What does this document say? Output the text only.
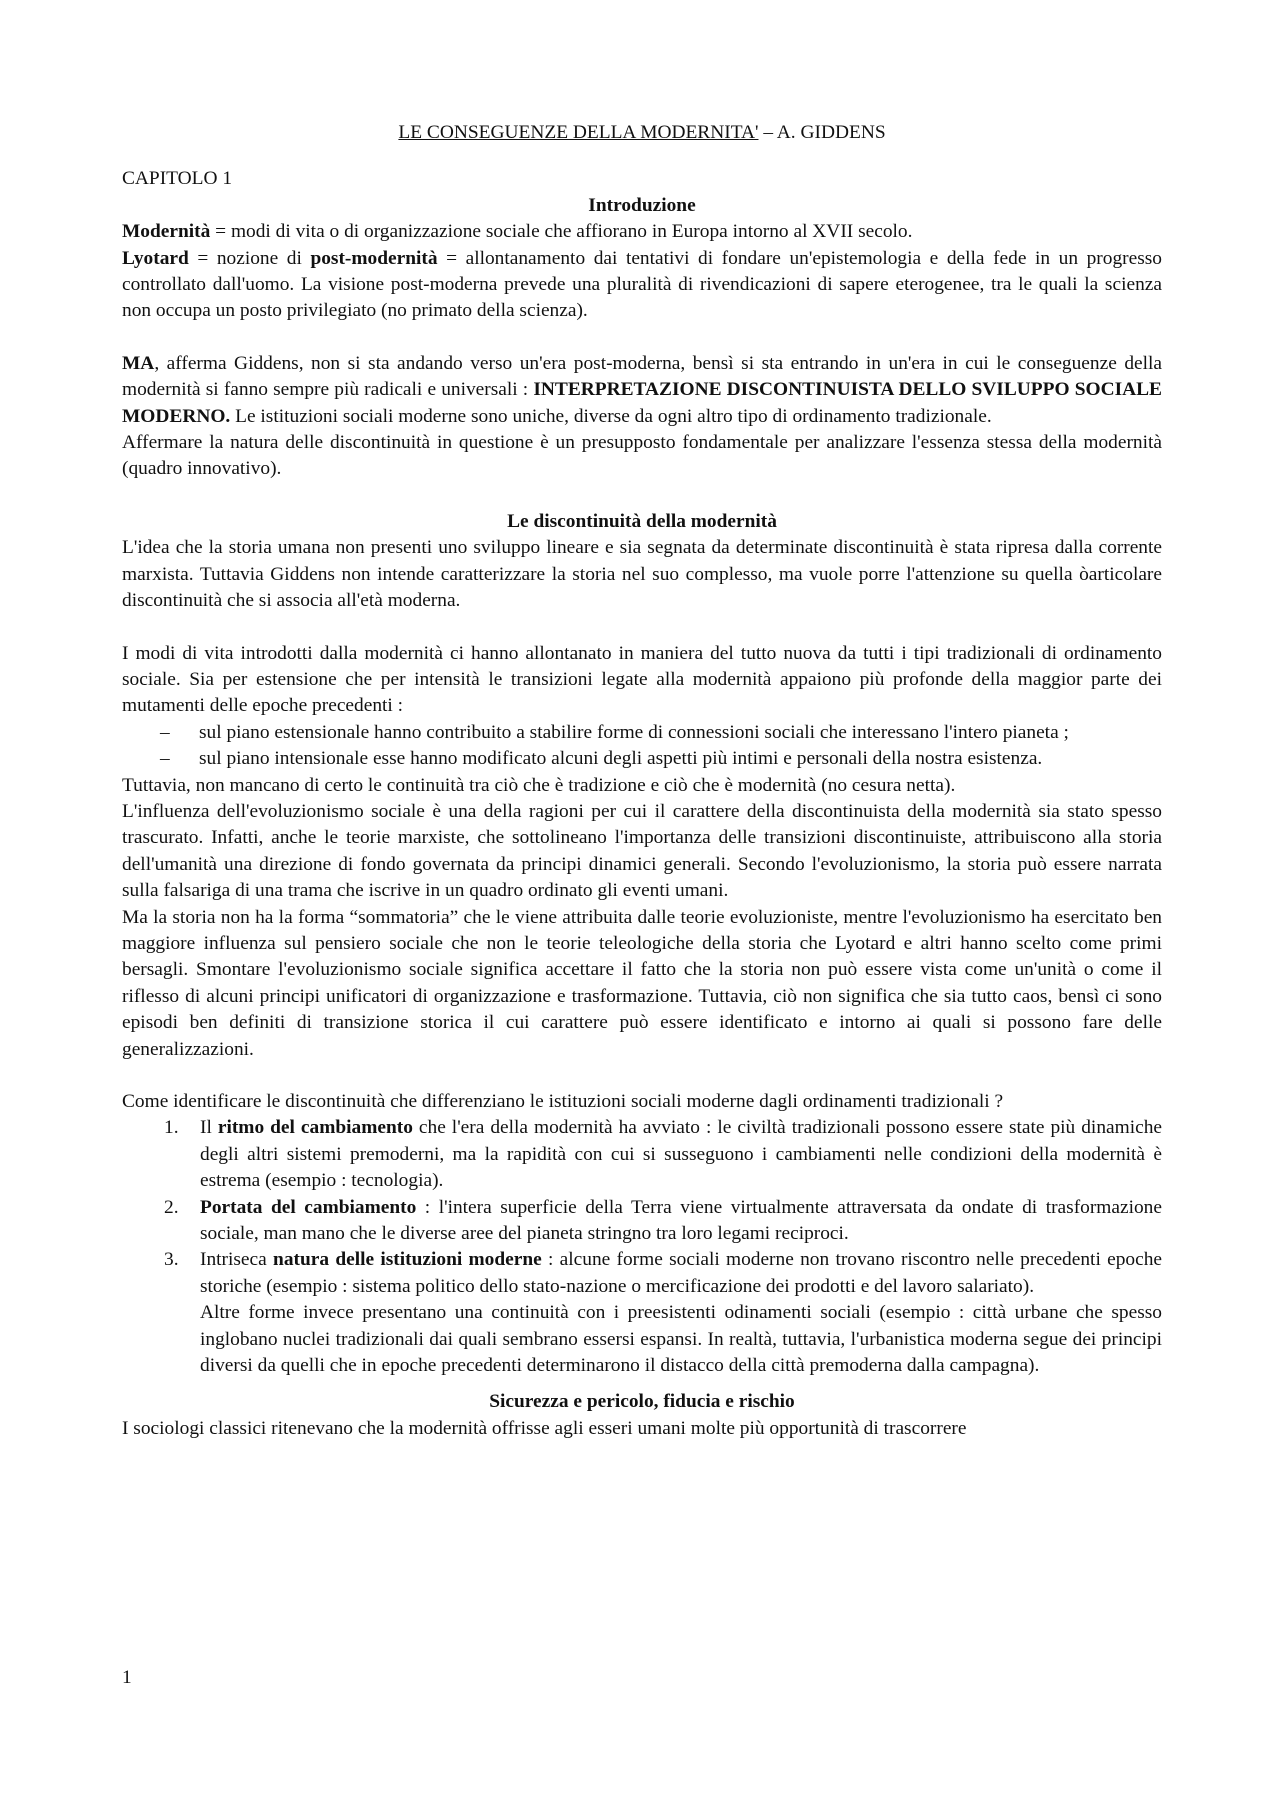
LE CONSEGUENZE DELLA MODERNITA' – A. GIDDENS
CAPITOLO 1
Introduzione

Modernità = modi di vita o di organizzazione sociale che affiorano in Europa intorno al XVII secolo.

Lyotard = nozione di post-modernità = allontanamento dai tentativi di fondare un'epistemologia e della fede in un progresso controllato dall'uomo. La visione post-moderna prevede una pluralità di rivendicazioni di sapere eterogenee, tra le quali la scienza non occupa un posto privilegiato (no primato della scienza).

MA, afferma Giddens, non si sta andando verso un'era post-moderna, bensì si sta entrando in un'era in cui le conseguenze della modernità si fanno sempre più radicali e universali : INTERPRETAZIONE DISCONTINUISTA DELLO SVILUPPO SOCIALE MODERNO. Le istituzioni sociali moderne sono uniche, diverse da ogni altro tipo di ordinamento tradizionale.

Affermare la natura delle discontinuità in questione è un presupposto fondamentale per analizzare l'essenza stessa della modernità (quadro innovativo).

Le discontinuità della modernità

L'idea che la storia umana non presenti uno sviluppo lineare e sia segnata da determinate discontinuità è stata ripresa dalla corrente marxista. Tuttavia Giddens non intende caratterizzare la storia nel suo complesso, ma vuole porre l'attenzione su quella òarticolare discontinuità che si associa all'età moderna.

I modi di vita introdotti dalla modernità ci hanno allontanato in maniera del tutto nuova da tutti i tipi tradizionali di ordinamento sociale. Sia per estensione che per intensità le transizioni legate alla modernità appaiono più profonde della maggior parte dei mutamenti delle epoche precedenti :

– sul piano estensionale hanno contribuito a stabilire forme di connessioni sociali che interessano l'intero pianeta ;
– sul piano intensionale esse hanno modificato alcuni degli aspetti più intimi e personali della nostra esistenza.

Tuttavia, non mancano di certo le continuità tra ciò che è tradizione e ciò che è modernità (no cesura netta).

L'influenza dell'evoluzionismo sociale è una della ragioni per cui il carattere della discontinuista della modernità sia stato spesso trascurato. Infatti, anche le teorie marxiste, che sottolineano l'importanza delle transizioni discontinuiste, attribuiscono alla storia dell'umanità una direzione di fondo governata da principi dinamici generali. Secondo l'evoluzionismo, la storia può essere narrata sulla falsariga di una trama che iscrive in un quadro ordinato gli eventi umani.

Ma la storia non ha la forma “sommatoria” che le viene attribuita dalle teorie evoluzioniste, mentre l'evoluzionismo ha esercitato ben maggiore influenza sul pensiero sociale che non le teorie teleologiche della storia che Lyotard e altri hanno scelto come primi bersagli. Smontare l'evoluzionismo sociale significa accettare il fatto che la storia non può essere vista come un'unità o come il riflesso di alcuni principi unificatori di organizzazione e trasformazione. Tuttavia, ciò non significa che sia tutto caos, bensì ci sono episodi ben definiti di transizione storica il cui carattere può essere identificato e intorno ai quali si possono fare delle generalizzazioni.

Come identificare le discontinuità che differenziano le istituzioni sociali moderne dagli ordinamenti tradizionali ?

1. Il ritmo del cambiamento che l'era della modernità ha avviato : le civiltà tradizionali possono essere state più dinamiche degli altri sistemi premoderni, ma la rapidità con cui si susseguono i cambiamenti nelle condizioni della modernità è estrema (esempio : tecnologia).
2. Portata del cambiamento : l'intera superficie della Terra viene virtualmente attraversata da ondate di trasformazione sociale, man mano che le diverse aree del pianeta stringno tra loro legami reciproci.
3. Intriseca natura delle istituzioni moderne : alcune forme sociali moderne non trovano riscontro nelle precedenti epoche storiche (esempio : sistema politico dello stato-nazione o mercificazione dei prodotti e del lavoro salariato).
Altre forme invece presentano una continuità con i preesistenti odinamenti sociali (esempio : città urbane che spesso inglobano nuclei tradizionali dai quali sembrano essersi espansi. In realtà, tuttavia, l'urbanistica moderna segue dei principi diversi da quelli che in epoche precedenti determinarono il distacco della città premoderna dalla campagna).
Sicurezza e pericolo, fiducia e rischio

I sociologi classici ritenevano che la modernità offrisse agli esseri umani molte più opportunità di trascorrere

1
